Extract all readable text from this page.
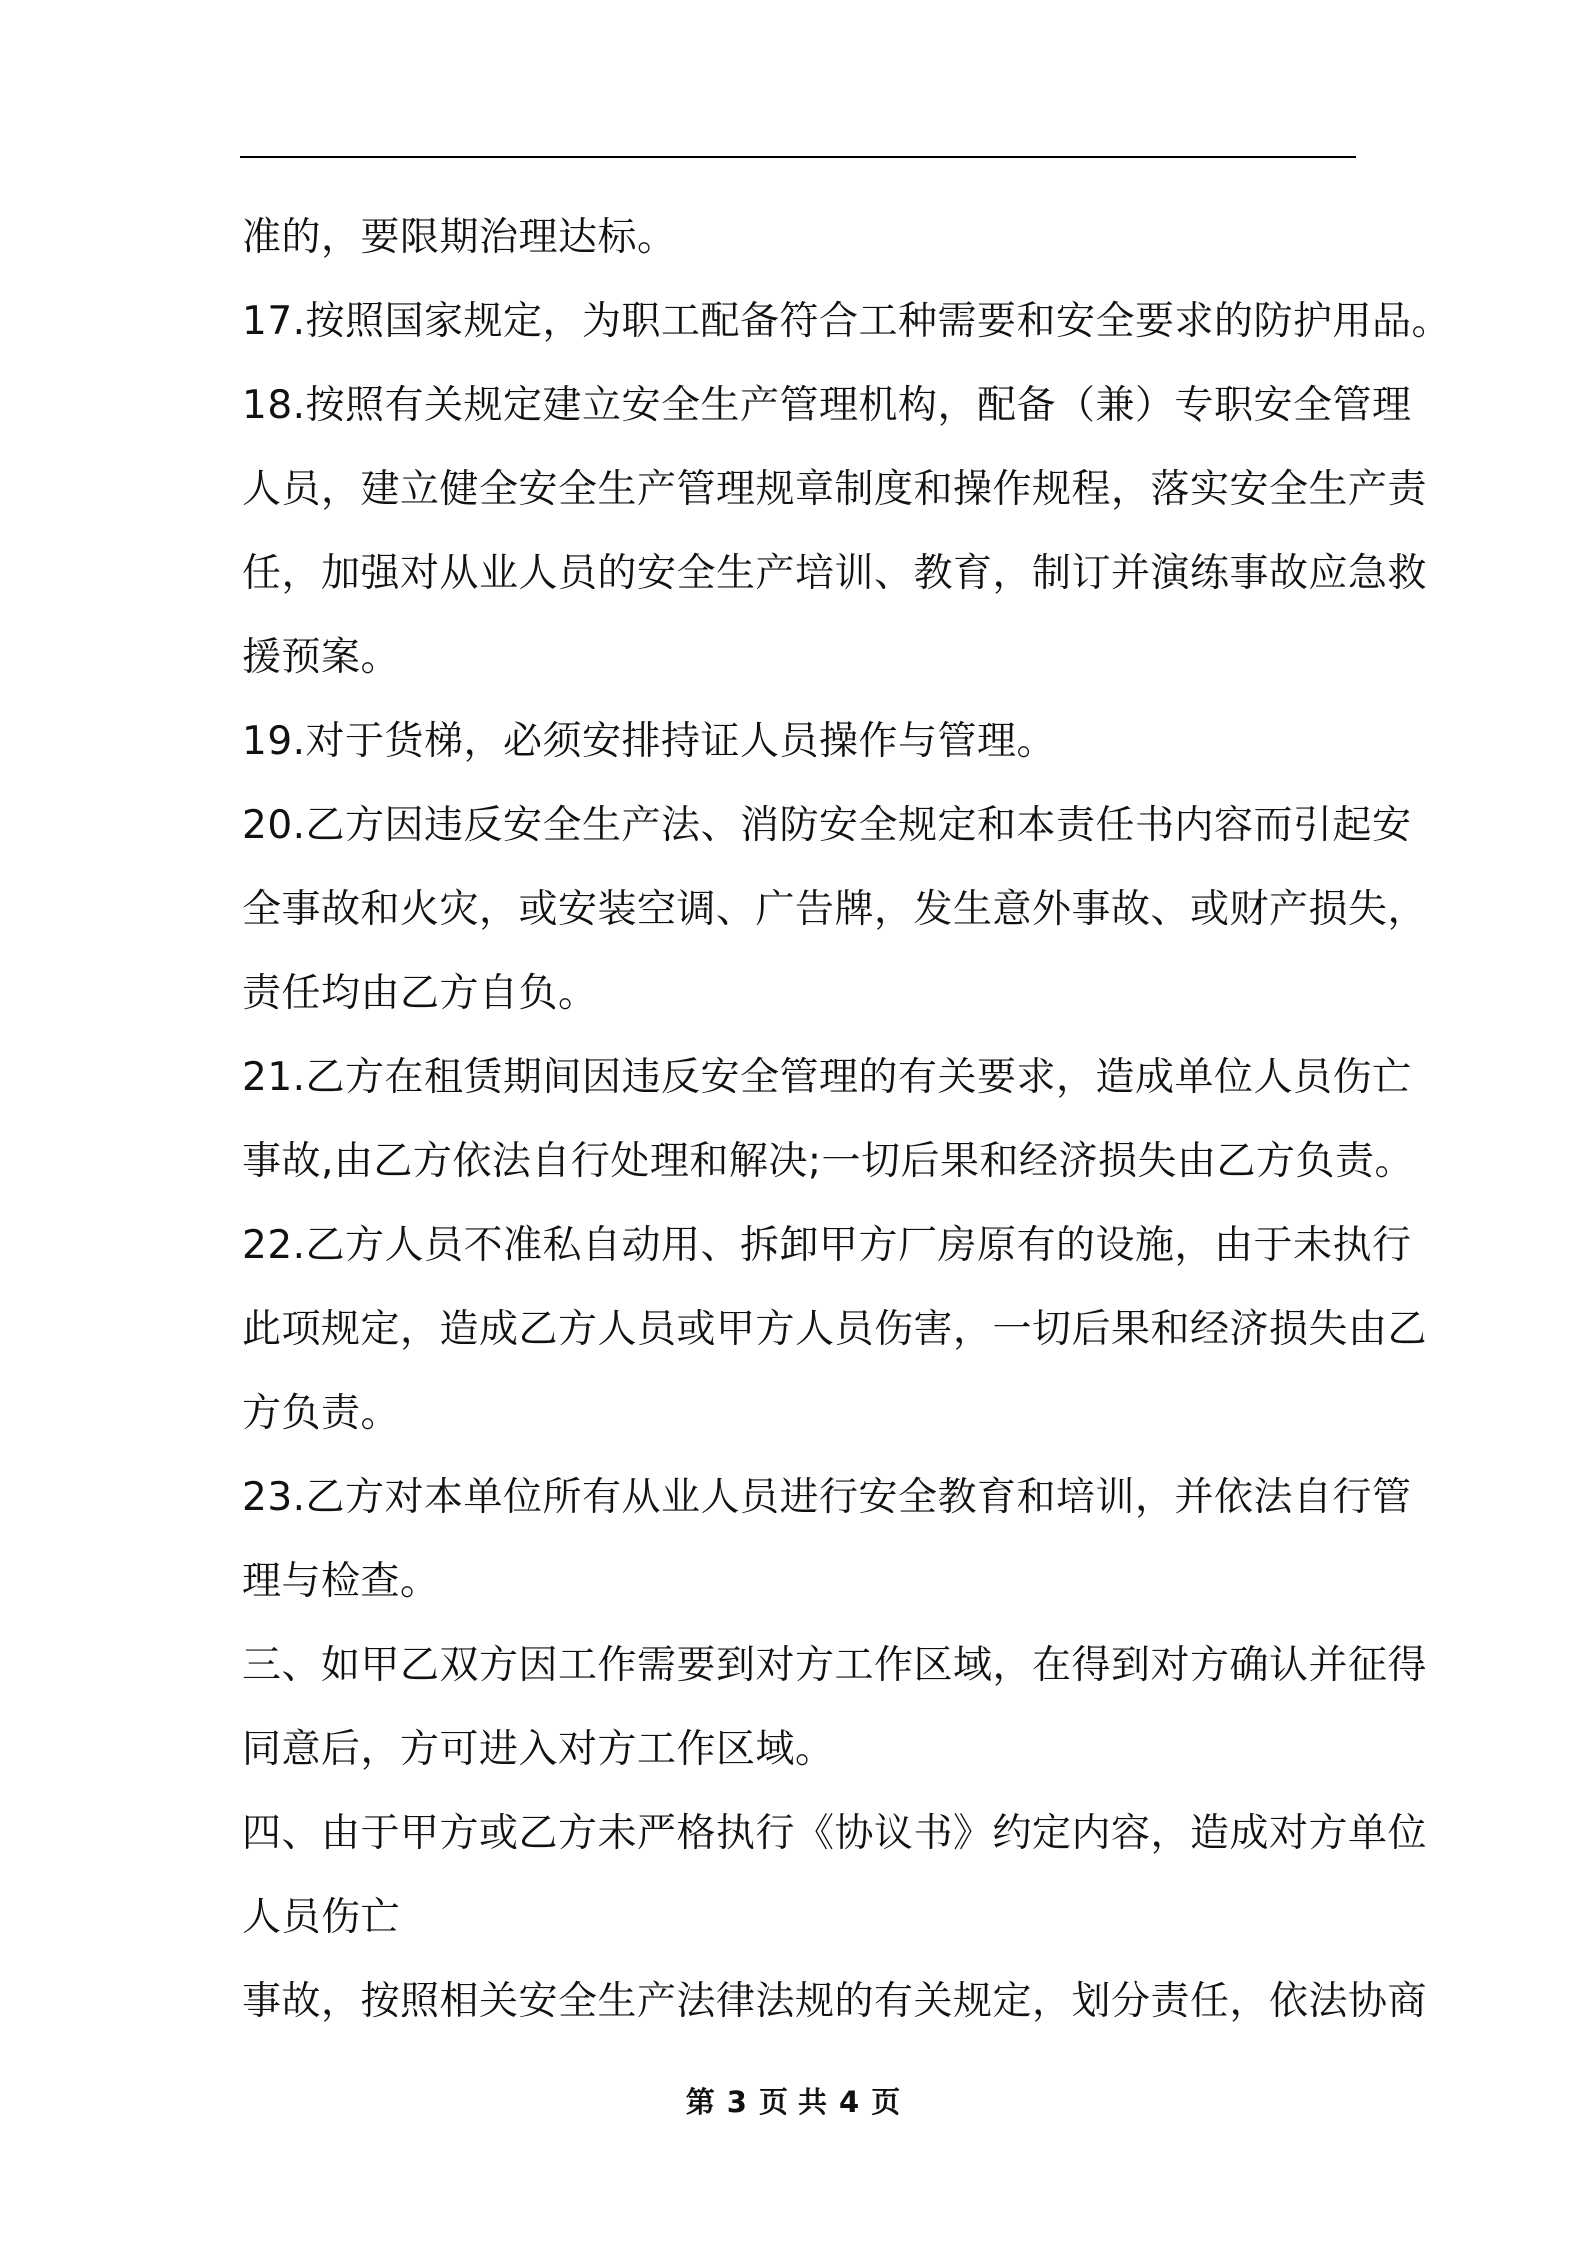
准的，要限期治理达标。
17.按照国家规定，为职工配备符合工种需要和安全要求的防护用品。
18.按照有关规定建立安全生产管理机构，配备（兼）专职安全管理
人员，建立健全安全生产管理规章制度和操作规程，落实安全生产责
任，加强对从业人员的安全生产培训、教育，制订并演练事故应急救
援预案。
19.对于货梯，必须安排持证人员操作与管理。
20.乙方因违反安全生产法、消防安全规定和本责任书内容而引起安
全事故和火灾，或安装空调、广告牌，发生意外事故、或财产损失，
责任均由乙方自负。
21.乙方在租赁期间因违反安全管理的有关要求，造成单位人员伤亡
事故,由乙方依法自行处理和解决;一切后果和经济损失由乙方负责。
22.乙方人员不准私自动用、拆卸甲方厂房原有的设施，由于未执行
此项规定，造成乙方人员或甲方人员伤害，一切后果和经济损失由乙
方负责。
23.乙方对本单位所有从业人员进行安全教育和培训，并依法自行管
理与检查。
三、如甲乙双方因工作需要到对方工作区域，在得到对方确认并征得
同意后，方可进入对方工作区域。
四、由于甲方或乙方未严格执行《协议书》约定内容，造成对方单位
人员伤亡
事故，按照相关安全生产法律法规的有关规定，划分责任，依法协商
第 3 页 共 4 页
